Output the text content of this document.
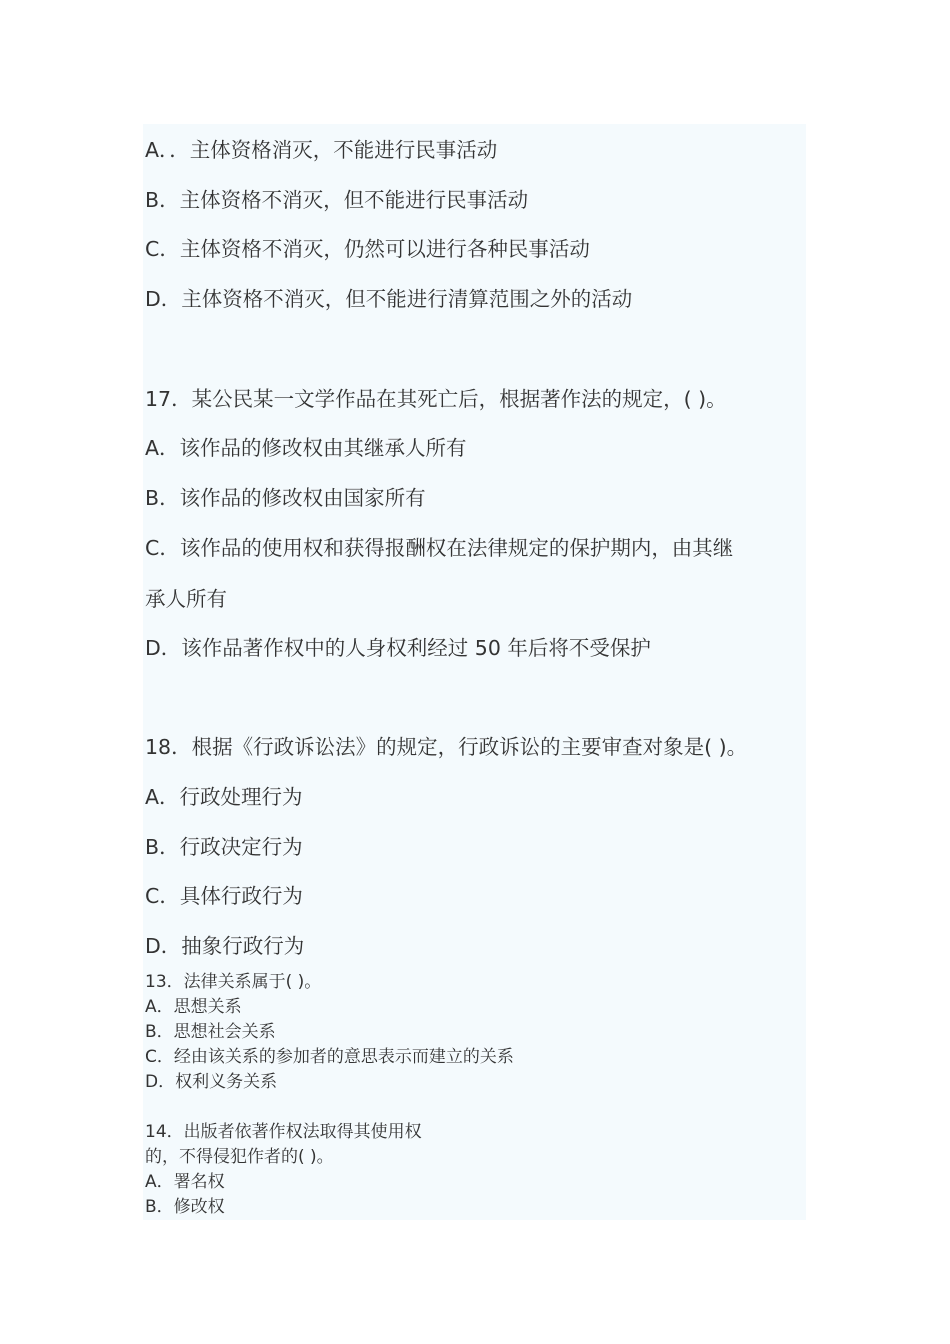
A．．主体资格消灭，不能进行民事活动
B．主体资格不消灭，但不能进行民事活动
C．主体资格不消灭，仍然可以进行各种民事活动
D．主体资格不消灭，但不能进行清算范围之外的活动
17．某公民某一文学作品在其死亡后，根据著作法的规定，( )。
A．该作品的修改权由其继承人所有
B．该作品的修改权由国家所有
C．该作品的使用权和获得报酬权在法律规定的保护期内，由其继
承人所有
D．该作品著作权中的人身权利经过 50 年后将不受保护
18．根据《行政诉讼法》的规定，行政诉讼的主要审查对象是( )。
A．行政处理行为
B．行政决定行为
C．具体行政行为
D．抽象行政行为
13．法律关系属于( )。
A．思想关系
B．思想社会关系
C．经由该关系的参加者的意思表示而建立的关系
D．权利义务关系
14．出版者依著作权法取得其使用权
的，不得侵犯作者的( )。
A．署名权
B．修改权
